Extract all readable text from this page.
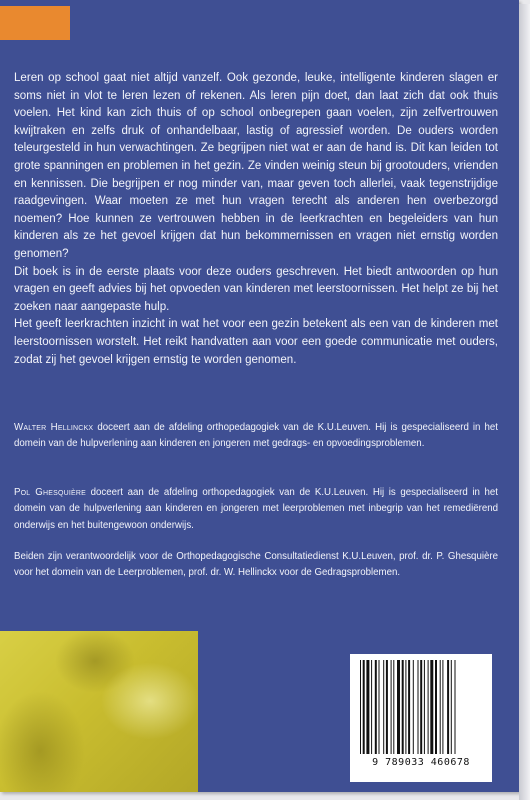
Leren op school gaat niet altijd vanzelf. Ook gezonde, leuke, intelligente kinderen slagen er soms niet in vlot te leren lezen of rekenen. Als leren pijn doet, dan laat zich dat ook thuis voelen. Het kind kan zich thuis of op school onbegrepen gaan voelen, zijn zelfvertrouwen kwijtraken en zelfs druk of onhandelbaar, lastig of agressief worden. De ouders worden teleurgesteld in hun verwachtingen. Ze begrijpen niet wat er aan de hand is. Dit kan leiden tot grote spanningen en problemen in het gezin. Ze vinden weinig steun bij grootouders, vrienden en kennissen. Die begrijpen er nog minder van, maar geven toch allerlei, vaak tegenstrijdige raadgevingen. Waar moeten ze met hun vragen terecht als anderen hen overbezorgd noemen? Hoe kunnen ze vertrouwen hebben in de leerkrachten en begeleiders van hun kinderen als ze het gevoel krijgen dat hun bekommernissen en vragen niet ernstig worden genomen?

Dit boek is in de eerste plaats voor deze ouders geschreven. Het biedt antwoorden op hun vragen en geeft advies bij het opvoeden van kinderen met leerstoornissen. Het helpt ze bij het zoeken naar aangepaste hulp.

Het geeft leerkrachten inzicht in wat het voor een gezin betekent als een van de kinderen met leerstoornissen worstelt. Het reikt handvatten aan voor een goede communicatie met ouders, zodat zij het gevoel krijgen ernstig te worden genomen.

Walter Hellinckx doceert aan de afdeling orthopedagogiek van de K.U.Leuven. Hij is gespecialiseerd in het domein van de hulpverlening aan kinderen en jongeren met gedrags- en opvoedingsproblemen.

Pol Ghesquière doceert aan de afdeling orthopedagogiek van de K.U.Leuven. Hij is gespecialiseerd in het domein van de hulpverlening aan kinderen en jongeren met leerproblemen met inbegrip van het remediërend onderwijs en het buitengewoon onderwijs.

Beiden zijn verantwoordelijk voor de Orthopedagogische Consultatiedienst K.U.Leuven, prof. dr. P. Ghesquière voor het domein van de Leerproblemen, prof. dr. W. Hellinckx voor de Gedragsproblemen.

9 789033 460678
